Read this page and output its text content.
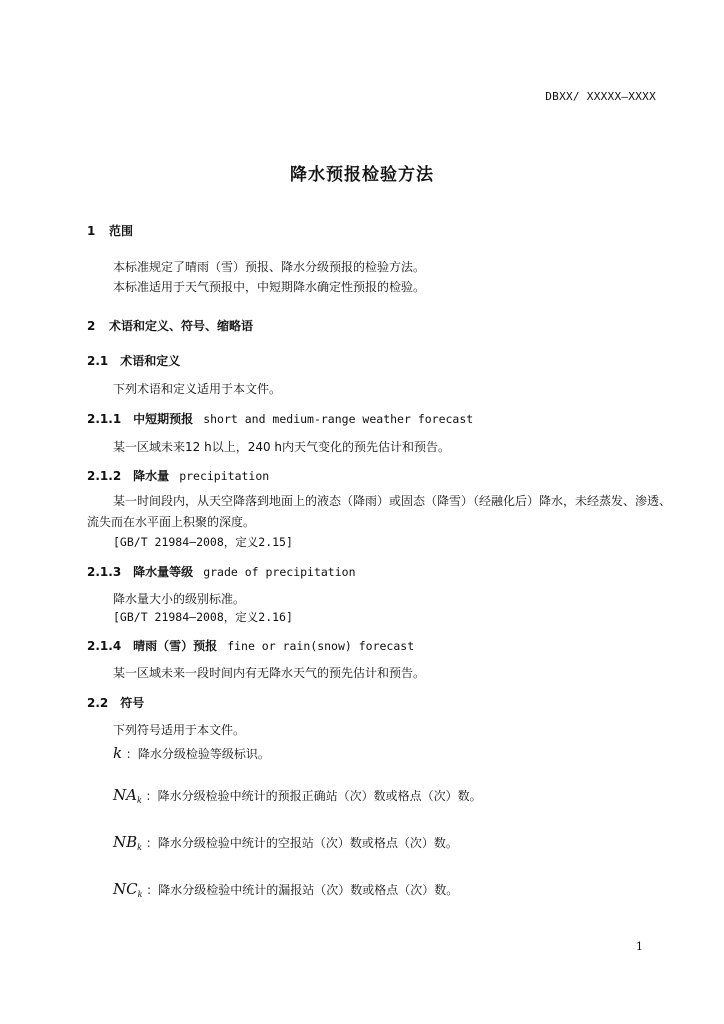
DBXX/ XXXXX—XXXX
降水预报检验方法
1 范围
本标准规定了晴雨（雪）预报、降水分级预报的检验方法。
本标准适用于天气预报中，中短期降水确定性预报的检验。
2 术语和定义、符号、缩略语
2.1 术语和定义
下列术语和定义适用于本文件。
2.1.1 中短期预报 short and medium-range weather forecast
某一区域未来12 h以上，240 h内天气变化的预先估计和预告。
2.1.2 降水量 precipitation
某一时间段内，从天空降落到地面上的液态（降雨）或固态（降雪）（经融化后）降水，未经蒸发、渗透、流失而在水平面上积聚的深度。
[GB/T 21984—2008，定义2.15]
2.1.3 降水量等级 grade of precipitation
降水量大小的级别标准。
[GB/T 21984—2008，定义2.16]
2.1.4 晴雨（雪）预报 fine or rain(snow) forecast
某一区域未来一段时间内有无降水天气的预先估计和预告。
2.2 符号
下列符号适用于本文件。
k ：降水分级检验等级标识。
$NA_k$ ：降水分级检验中统计的预报正确站（次）数或格点（次）数。
$NB_k$ ：降水分级检验中统计的空报站（次）数或格点（次）数。
$NC_k$ ：降水分级检验中统计的漏报站（次）数或格点（次）数。
1
